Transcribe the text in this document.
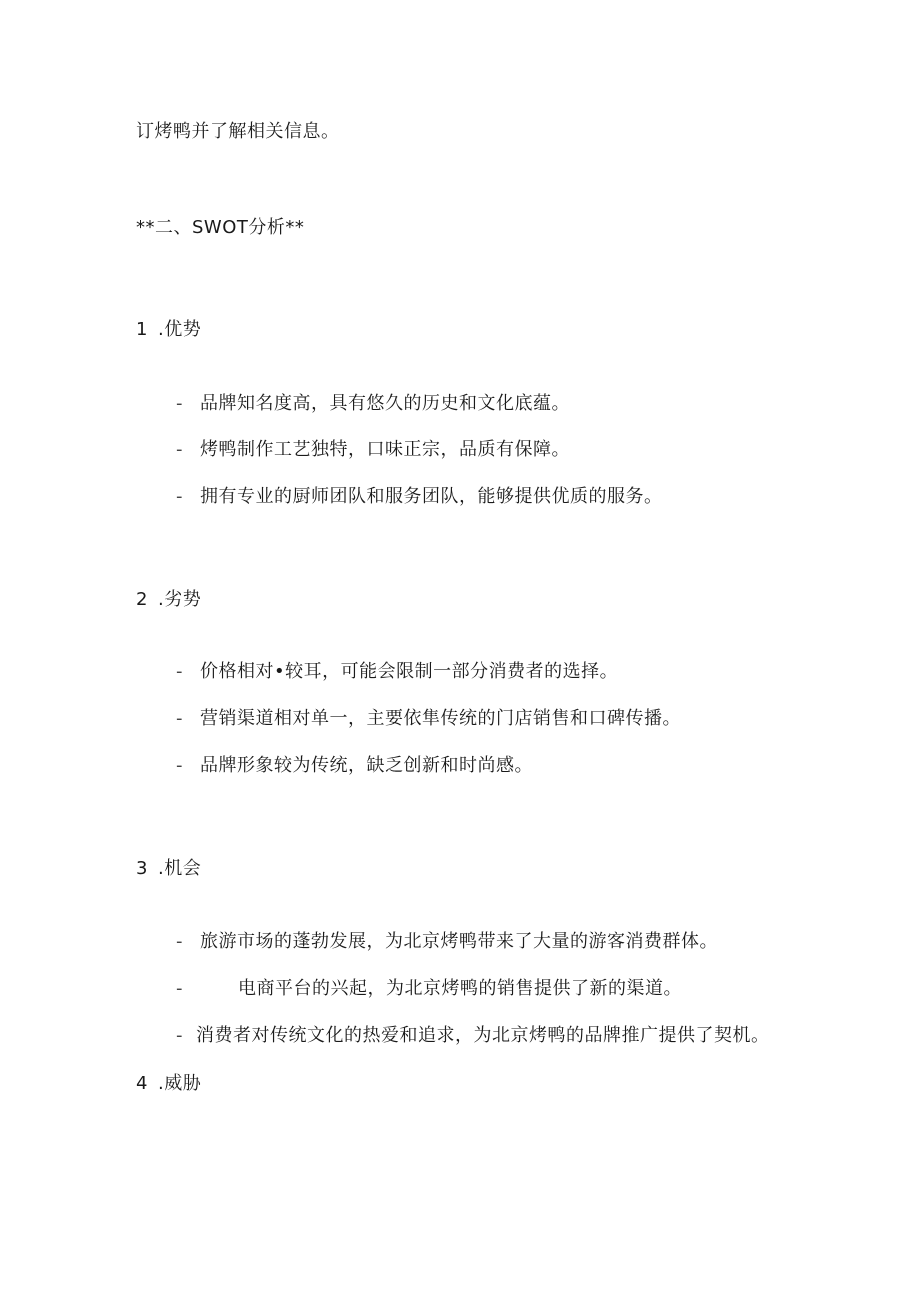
订烤鸭并了解相关信息。
**二、SWOT分析**
1 .优势
- 品牌知名度高，具有悠久的历史和文化底蕴。
- 烤鸭制作工艺独特，口味正宗，品质有保障。
- 拥有专业的厨师团队和服务团队，能够提供优质的服务。
2 .劣势
- 价格相对•较耳，可能会限制一部分消费者的选择。
- 营销渠道相对单一，主要依隼传统的门店销售和口碑传播。
- 品牌形象较为传统，缺乏创新和时尚感。
3 .机会
- 旅游市场的蓬勃发展，为北京烤鸭带来了大量的游客消费群体。
-	电商平台的兴起，为北京烤鸭的销售提供了新的渠道。
- 消费者对传统文化的热爱和追求，为北京烤鸭的品牌推广提供了契机。
4 .威胁
